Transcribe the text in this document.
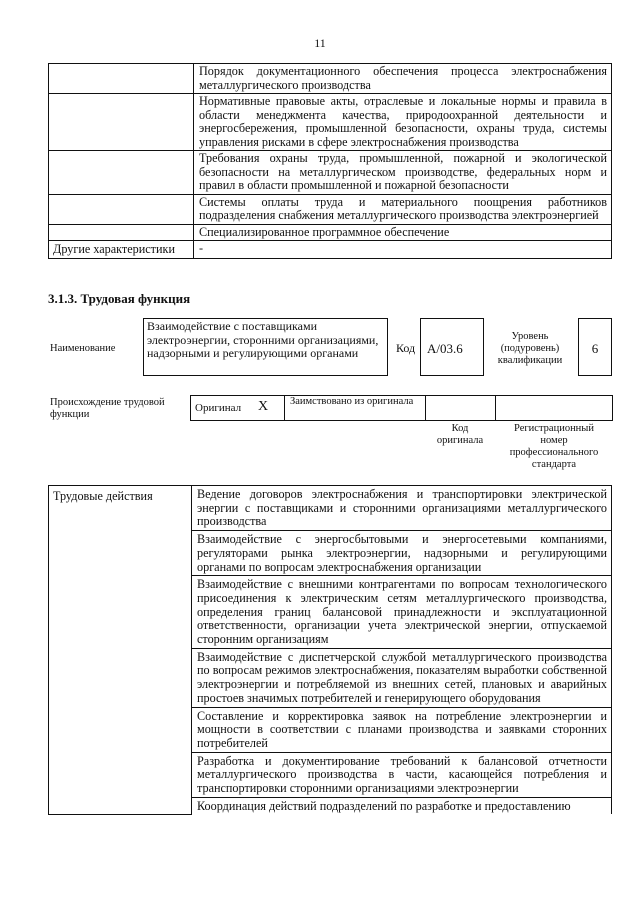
11
	Порядок документационного обеспечения процесса электроснабжения металлургического производства
	Нормативные правовые акты, отраслевые и локальные нормы и правила в области менеджмента качества, природоохранной деятельности и энергосбережения, промышленной безопасности, охраны труда, системы управления рисками в сфере электроснабжения производства
	Требования охраны труда, промышленной, пожарной и экологической безопасности на металлургическом производстве, федеральных норм и правил в области промышленной и пожарной безопасности
	Системы оплаты труда и материального поощрения работников подразделения снабжения металлургического производства электроэнергией
	Специализированное программное обеспечение
Другие характеристики	-
3.1.3. Трудовая функция
Наименование
Взаимодействие с поставщиками электроэнергии, сторонними организациями, надзорными и регулирующими органами	Код A/03.6
Уровень (подуровень) квалификации
6
Происхождение трудовой функции
Оригинал X Заимствовано из оригинала
Код оригинала
Регистрационный номер профессионального стандарта
Трудовые действия	Ведение договоров электроснабжения и транспортировки электрической энергии с поставщиками и сторонними организациями металлургического производства
Взаимодействие с энергосбытовыми и энергосетевыми компаниями, регуляторами рынка электроэнергии, надзорными и регулирующими органами по вопросам электроснабжения организации
Взаимодействие с внешними контрагентами по вопросам технологического присоединения к электрическим сетям металлургического производства, определения границ балансовой принадлежности и эксплуатационной ответственности, организации учета электрической энергии, отпускаемой сторонним организациям
Взаимодействие с диспетчерской службой металлургического производства по вопросам режимов электроснабжения, показателям выработки собственной электроэнергии и потребляемой из внешних сетей, плановых и аварийных простоев значимых потребителей и генерирующего оборудования
Составление и корректировка заявок на потребление электроэнергии и мощности в соответствии с планами производства и заявками сторонних потребителей
Разработка и документирование требований к балансовой отчетности металлургического производства в части, касающейся потребления и транспортировки сторонними организациями электроэнергии
Координация действий подразделений по разработке и предоставлению
